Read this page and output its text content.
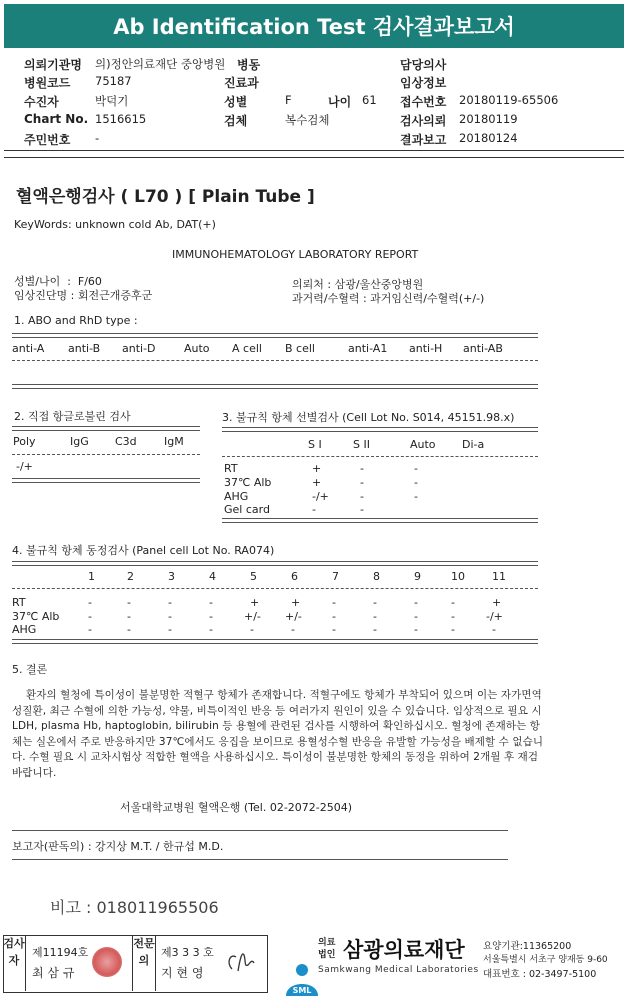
Ab Identification Test 검사결과보고서
의뢰기관명 의)정안의료재단 중앙병원 병동	담당의사
병원코드 75187	진료과	임상정보
수진자	박덕기	성별	F	나이 61 접수번호 20180119-65506
Chart No. 1516615	검체	복수검체	검사의뢰 20180119
주민번호 -	결과보고 20180124
혈액은행검사 ( L70 ) [ Plain Tube ]
KeyWords: unknown cold Ab, DAT(+)
IMMUNOHEMATOLOGY LABORATORY REPORT
성별/나이  :  F/60
임상진단명 : 회전근개증후군
의뢰처 : 삼광/울산중앙병원
과거력/수혈력 : 과거임신력/수혈력(+/-)
1. ABO and RhD type :
anti-A anti-B anti-D	Auto A cell B cell	anti-A1 anti-H anti-AB
2. 직접 항글로불린 검사
Poly	IgG C3d IgM
-/+
3. 불규칙 항체 선별검사 (Cell Lot No. S014, 45151.98.x)
S I	S II	Auto Di-a
RT	+	-	-
37℃ Alb	+	-	-
AHG	-/+	-	-
Gel card	-	-
4. 불규칙 항체 동정검사 (Panel cell Lot No. RA074)
1	2	3	4	5	6	7	8	9	10 11
RT	-	-	-	-	+	+	-	-	-	-	+
37℃ Alb	-	-	-	-	+/- +/-	-	-	-	-	-/+
AHG	-	-	-	-	-	-	-	-	-	-	-
5. 결론
환자의 혈청에 특이성이 불분명한 적혈구 항체가 존재합니다. 적혈구에도 항체가 부착되어 있으며 이는 자가면역성질환, 최근 수혈에 의한 가능성, 약물, 비특이적인 반응 등 여러가지 원인이 있을 수 있습니다. 임상적으로 필요 시 LDH, plasma Hb, haptoglobin, bilirubin 등 용혈에 관련된 검사를 시행하여 확인하십시오. 혈청에 존재하는 항체는 실온에서 주로 반응하지만 37℃에서도 응집을 보이므로 용혈성수혈 반응을 유발할 가능성을 배제할 수 없습니다. 수혈 필요 시 교차시험상 적합한 혈액을 사용하십시오. 특이성이 불분명한 항체의 동정을 위하여 2개월 후 재검 바랍니다.
서울대학교병원 혈액은행 (Tel. 02-2072-2504)
보고자(판독의) : 강지상 M.T. / 한규섭 M.D.
비고 : 018011965506
검사자
제11194호
최 삼 규
전문의
제3 3 3 호
지 현 영

SML

의료
법인 삼광의료재단
Samkwang Medical Laboratories
요양기관:11365200
서울특별시 서초구 양재동 9-60
대표번호 : 02-3497-5100
